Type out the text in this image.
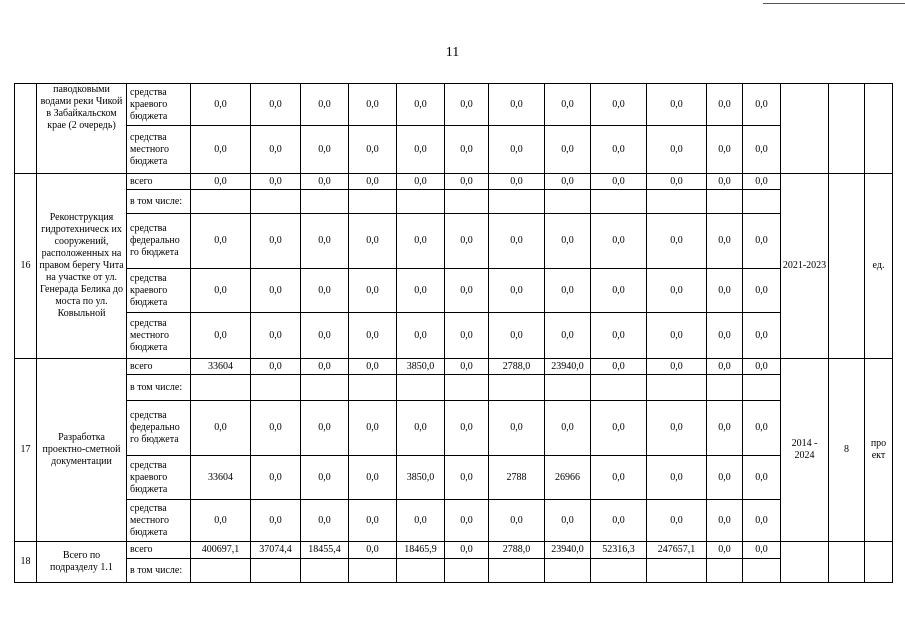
11
	паводковыми водами реки Чикой в Забайкальском крае (2 очередь)	средства краевого бюджета	0,0	0,0	0,0	0,0	0,0	0,0	0,0	0,0	0,0	0,0	0,0	0,0			
		средства местного бюджета	0,0	0,0	0,0	0,0	0,0	0,0	0,0	0,0	0,0	0,0	0,0	0,0			
16	Реконструкция гидротехническ их сооружений, расположенных на правом берегу Чита на участке от ул. Генерада Белика до моста по ул. Ковыльной	всего	0,0	0,0	0,0	0,0	0,0	0,0	0,0	0,0	0,0	0,0	0,0	0,0	2021-2023		ед.
		в том числе:															
		средства федерально го бюджета	0,0	0,0	0,0	0,0	0,0	0,0	0,0	0,0	0,0	0,0	0,0	0,0			
		средства краевого бюджета	0,0	0,0	0,0	0,0	0,0	0,0	0,0	0,0	0,0	0,0	0,0	0,0			
		средства местного бюджета	0,0	0,0	0,0	0,0	0,0	0,0	0,0	0,0	0,0	0,0	0,0	0,0			
17	Разработка проектно-сметной документации	всего	33604	0,0	0,0	0,0	3850,0	0,0	2788,0	23940,0	0,0	0,0	0,0	0,0	2014 - 2024	8	про ект
		в том числе:															
		средства федерально го бюджета	0,0	0,0	0,0	0,0	0,0	0,0	0,0	0,0	0,0	0,0	0,0	0,0			
		средства краевого бюджета	33604	0,0	0,0	0,0	3850,0	0,0	2788	26966	0,0	0,0	0,0	0,0			
		средства местного бюджета	0,0	0,0	0,0	0,0	0,0	0,0	0,0	0,0	0,0	0,0	0,0	0,0			
18	Всего по подразделу 1.1	всего	400697,1	37074,4	18455,4	0,0	18465,9	0,0	2788,0	23940,0	52316,3	247657,1	0,0	0,0			
		в том числе:															
